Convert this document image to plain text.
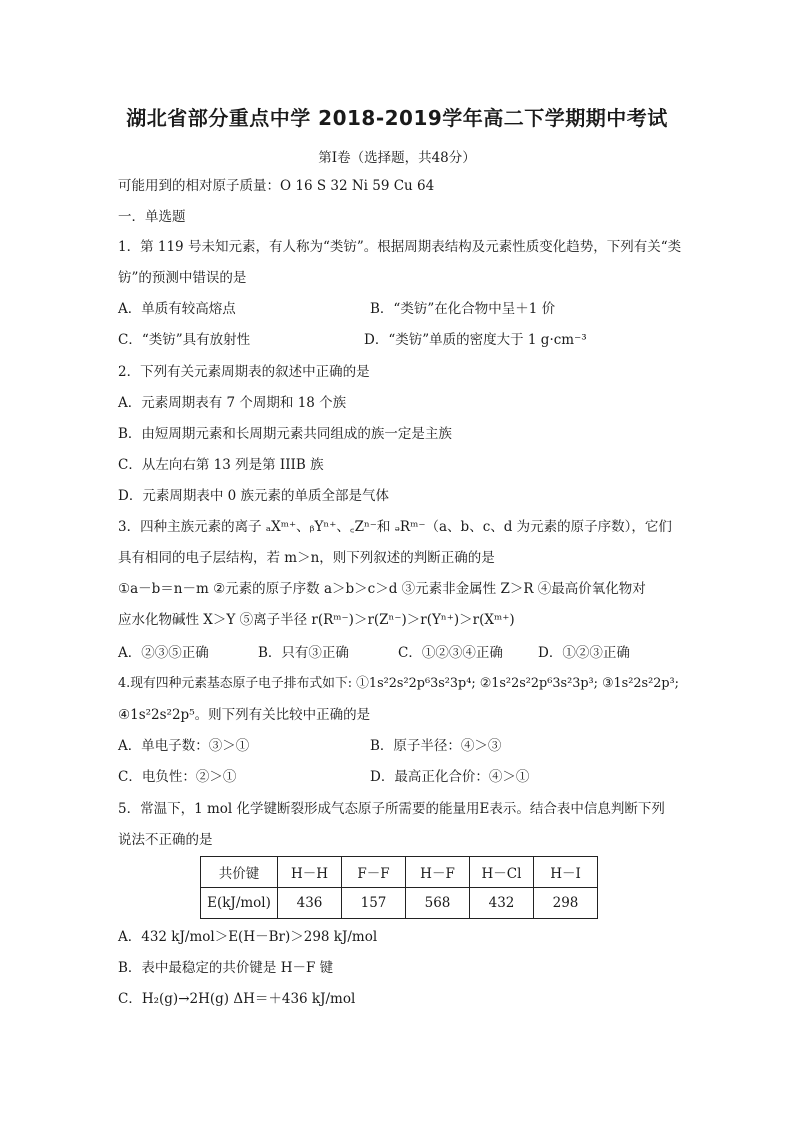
湖北省部分重点中学 2018-2019学年高二下学期期中考试
第Ⅰ卷（选择题，共48分）
可能用到的相对原子质量：O 16 S 32 Ni 59 Cu 64
一．单选题
1．第 119 号未知元素，有人称为“类钫”。根据周期表结构及元素性质变化趋势，下列有关“类
钫”的预测中错误的是
A．单质有较高熔点	B．“类钫”在化合物中呈＋1 价
C．“类钫”具有放射性	D．“类钫”单质的密度大于 1 g·cm⁻³
2．下列有关元素周期表的叙述中正确的是
A．元素周期表有 7 个周期和 18 个族
B．由短周期元素和长周期元素共同组成的族一定是主族
C．从左向右第 13 列是第 IIIB 族
D．元素周期表中 0 族元素的单质全部是气体
3．四种主族元素的离子 ₐXᵐ⁺、ᵦYⁿ⁺、꜀Zⁿ⁻和 ₔRᵐ⁻（a、b、c、d 为元素的原子序数），它们
具有相同的电子层结构，若 m＞n，则下列叙述的判断正确的是
①a－b＝n－m ②元素的原子序数 a＞b＞c＞d ③元素非金属性 Z＞R ④最高价氧化物对
应水化物碱性 X＞Y ⑤离子半径 r(Rᵐ⁻)＞r(Zⁿ⁻)＞r(Yⁿ⁺)＞r(Xᵐ⁺)
A．②③⑤正确	B．只有③正确	C．①②③④正确	D．①②③正确
4.现有四种元素基态原子电子排布式如下: ①1s²2s²2p⁶3s²3p⁴; ②1s²2s²2p⁶3s²3p³; ③1s²2s²2p³;
④1s²2s²2p⁵。则下列有关比较中正确的是
A．单电子数：③＞①	B．原子半径：④＞③
C．电负性：②＞①	D．最高正化合价：④＞①
5．常温下，1 mol 化学键断裂形成气态原子所需要的能量用E表示。结合表中信息判断下列
说法不正确的是
共价键	H－H	F－F	H－F	H－Cl	H－I
E(kJ/mol)	436	157	568	432	298
A．432 kJ/mol＞E(H－Br)＞298 kJ/mol
B．表中最稳定的共价键是 H－F 键
C．H₂(g)→2H(g) ΔH＝＋436 kJ/mol
